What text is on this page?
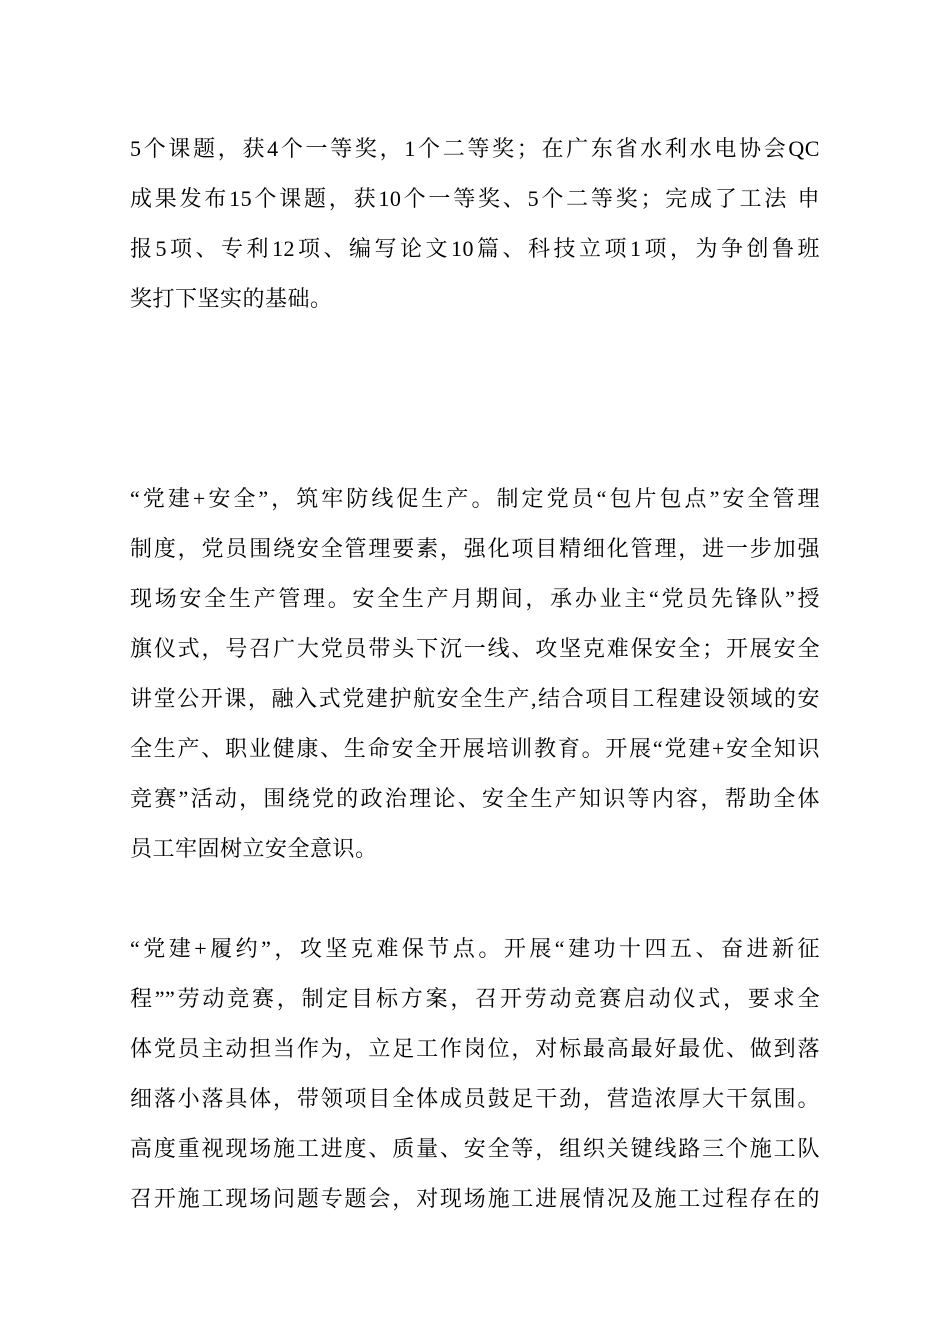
5个课题，获4个一等奖，1个二等奖；在广东省水利水电协会QC
成果发布15个课题，获10个一等奖、5个二等奖；完成了工法 申
报5项、专利12项、编写论文10篇、科技立项1项，为争创鲁班
奖打下坚实的基础。
“党建+安全”，筑牢防线促生产。制定党员“包片包点”安全管理
制度，党员围绕安全管理要素，强化项目精细化管理，进一步加强
现场安全生产管理。安全生产月期间，承办业主“党员先锋队”授
旗仪式，号召广大党员带头下沉一线、攻坚克难保安全；开展安全
讲堂公开课，融入式党建护航安全生产,结合项目工程建设领域的安
全生产、职业健康、生命安全开展培训教育。开展“党建+安全知识
竞赛”活动，围绕党的政治理论、安全生产知识等内容，帮助全体
员工牢固树立安全意识。
“党建+履约”，攻坚克难保节点。开展“建功十四五、奋进新征
程””劳动竞赛，制定目标方案，召开劳动竞赛启动仪式，要求全
体党员主动担当作为，立足工作岗位，对标最高最好最优、做到落
细落小落具体，带领项目全体成员鼓足干劲，营造浓厚大干氛围。
高度重视现场施工进度、质量、安全等，组织关键线路三个施工队
召开施工现场问题专题会，对现场施工进展情况及施工过程存在的
